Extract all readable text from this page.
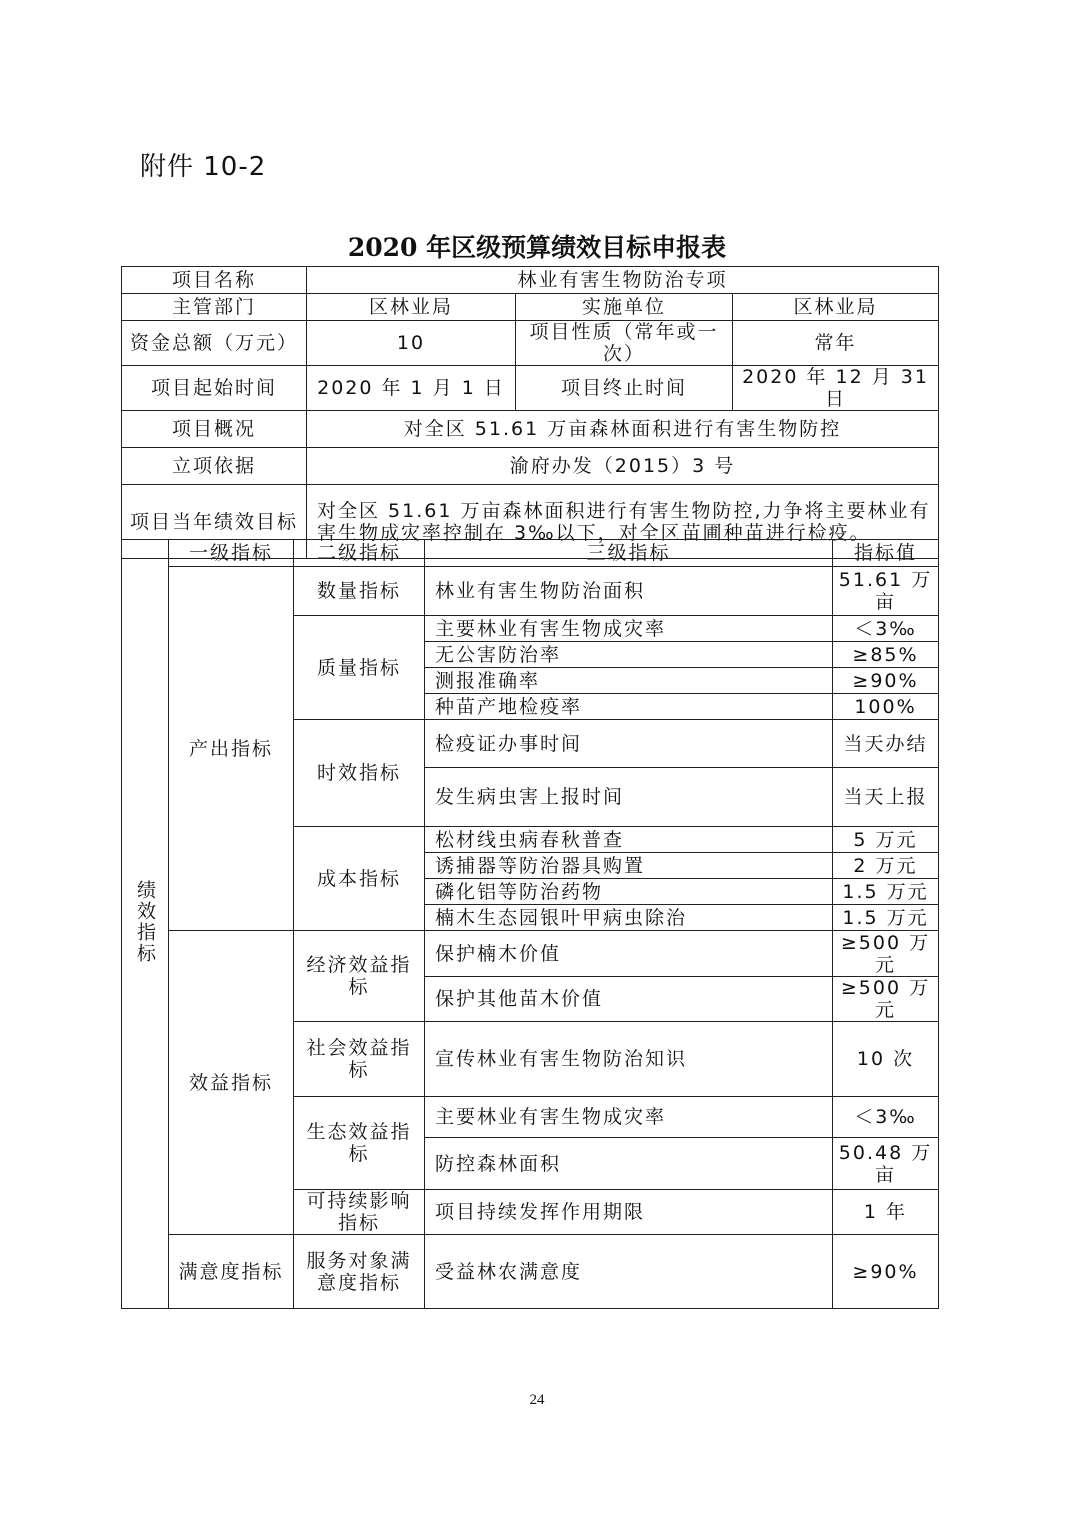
附件 10-2
2020 年区级预算绩效目标申报表
项目名称	林业有害生物防治专项		
主管部门	区林业局	实施单位	区林业局
资金总额（万元）	10	项目性质（常年或一次）	常年
项目起始时间	2020 年 1 月 1 日	项目终止时间	2020 年 12 月 31 日
项目概况	对全区 51.61 万亩森林面积进行有害生物防控		
立项依据	渝府办发（2015）3 号		
项目当年绩效目标	对全区 51.61 万亩森林面积进行有害生物防控,力争将主要林业有害生物成灾率控制在 3‰以下，对全区苗圃种苗进行检疫。		
绩效指标	一级指标	二级指标	三级指标	指标值
	产出指标	数量指标	林业有害生物防治面积	51.61 万亩
		质量指标	主要林业有害生物成灾率	＜3‰
			无公害防治率	≥85%
			测报准确率	≥90%
			种苗产地检疫率	100%
		时效指标	检疫证办事时间	当天办结
			发生病虫害上报时间	当天上报
		成本指标	松材线虫病春秋普查	5 万元
			诱捕器等防治器具购置	2 万元
			磷化铝等防治药物	1.5 万元
			楠木生态园银叶甲病虫除治	1.5 万元
	效益指标	经济效益指标	保护楠木价值	≥500 万元
			保护其他苗木价值	≥500 万元
		社会效益指标	宣传林业有害生物防治知识	10 次
		生态效益指标	主要林业有害生物成灾率	＜3‰
			防控森林面积	50.48 万亩
		可持续影响指标	项目持续发挥作用期限	1 年
	满意度指标	服务对象满意度指标	受益林农满意度	≥90%
24
